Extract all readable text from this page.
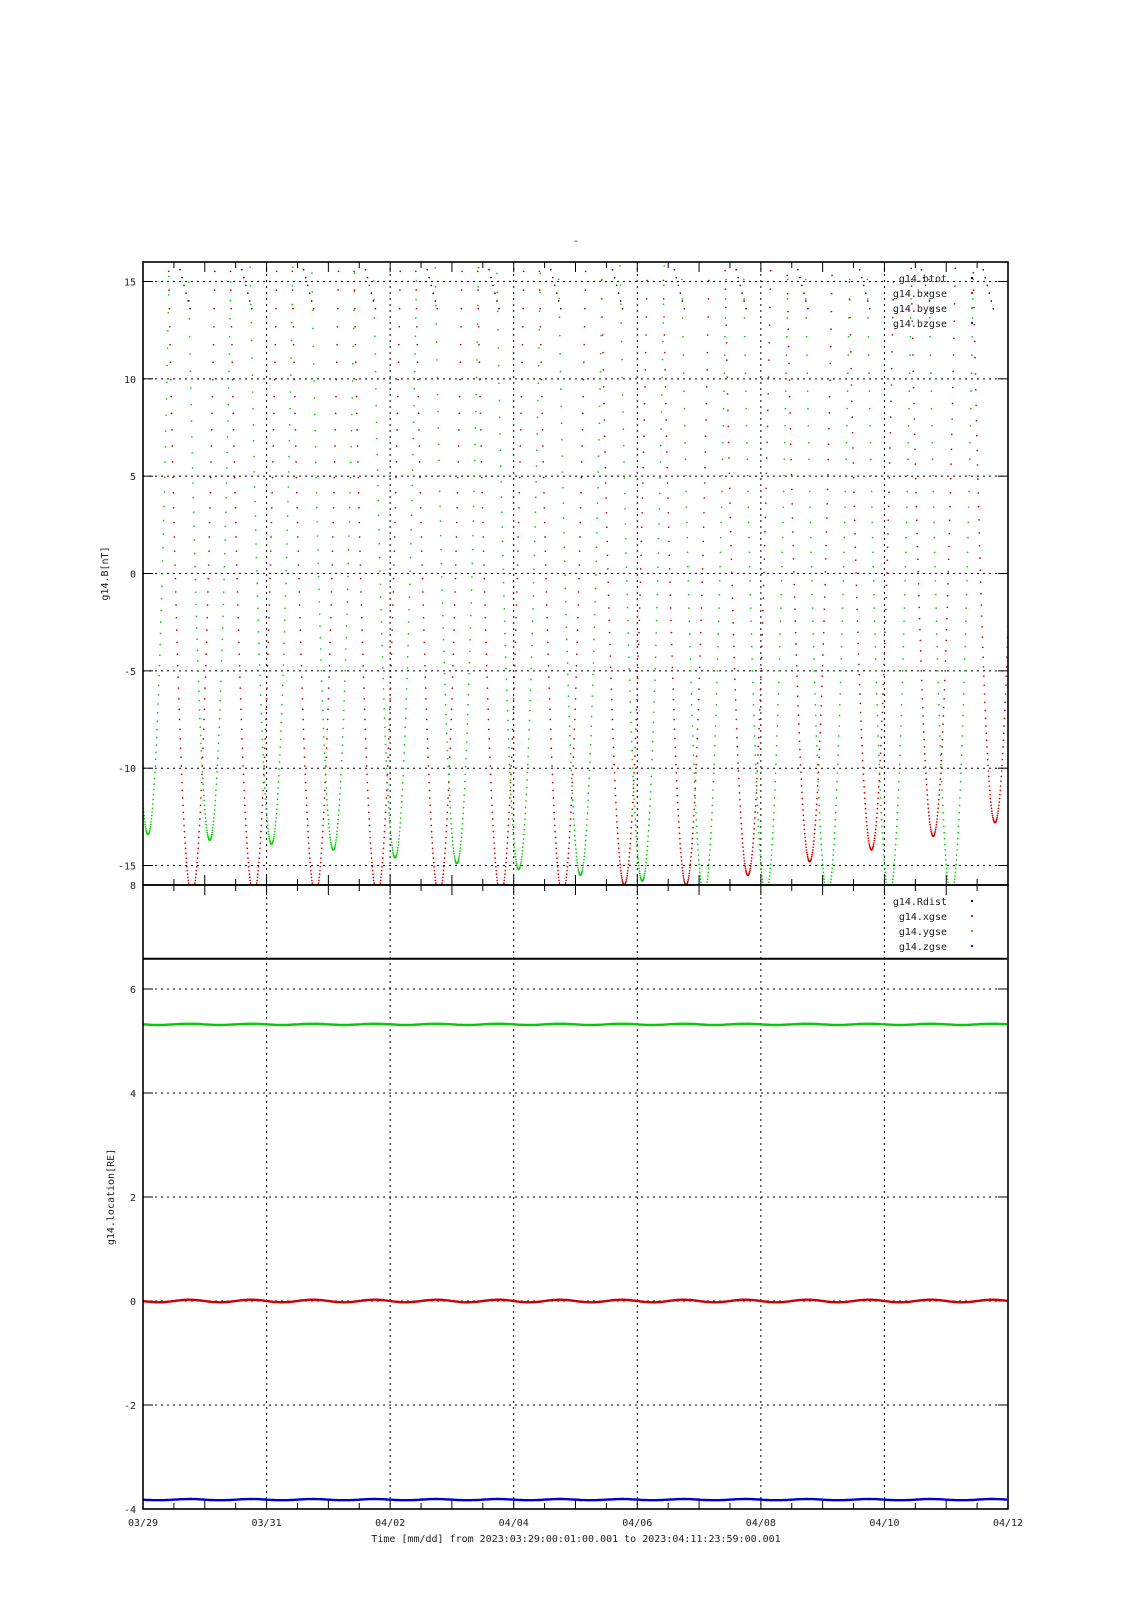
-
15
10
5
0
-5
-10
-15
g14.B[nT]
g14.btot
g14.bxgse
g14.bygse
g14.bzgse
8
6
4
2
0
-2
-4
g14.location[RE]
g14.Rdist
g14.xgse
g14.ygse
g14.zgse
03/29	03/31	04/02	04/04	04/06	04/08	04/10	04/12
Time [mm/dd] from 2023:03:29:00:01:00.001 to 2023:04:11:23:59:00.001
